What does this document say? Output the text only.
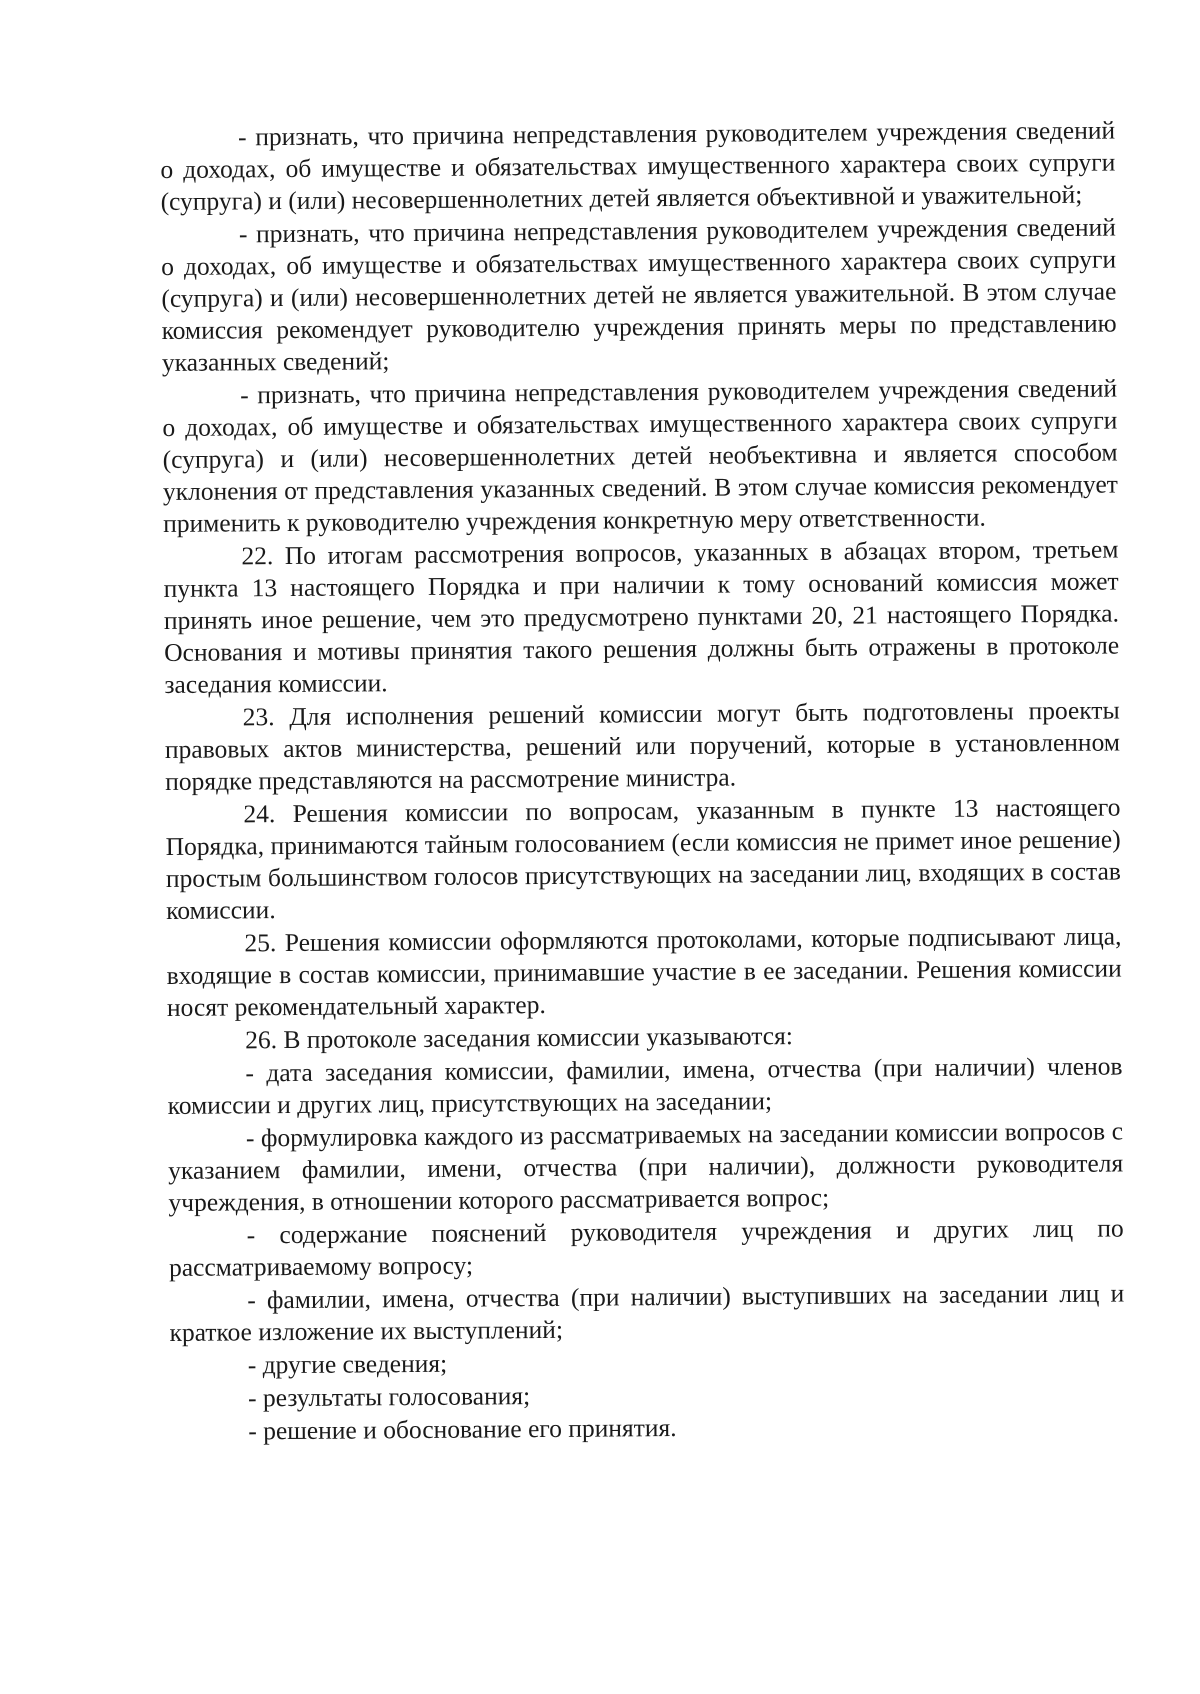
- признать, что причина непредставления руководителем учреждения сведений о доходах, об имуществе и обязательствах имущественного характера своих супруги (супруга) и (или) несовершеннолетних детей является объективной и уважительной;

- признать, что причина непредставления руководителем учреждения сведений о доходах, об имуществе и обязательствах имущественного характера своих супруги (супруга) и (или) несовершеннолетних детей не является уважительной. В этом случае комиссия рекомендует руководителю учреждения принять меры по представлению указанных сведений;

- признать, что причина непредставления руководителем учреждения сведений о доходах, об имуществе и обязательствах имущественного характера своих супруги (супруга) и (или) несовершеннолетних детей необъективна и является способом уклонения от представления указанных сведений. В этом случае комиссия рекомендует применить к руководителю учреждения конкретную меру ответственности.

22. По итогам рассмотрения вопросов, указанных в абзацах втором, третьем пункта 13 настоящего Порядка и при наличии к тому оснований комиссия может принять иное решение, чем это предусмотрено пунктами 20, 21 настоящего Порядка. Основания и мотивы принятия такого решения должны быть отражены в протоколе заседания комиссии.

23. Для исполнения решений комиссии могут быть подготовлены проекты правовых актов министерства, решений или поручений, которые в установленном порядке представляются на рассмотрение министра.

24. Решения комиссии по вопросам, указанным в пункте 13 настоящего Порядка, принимаются тайным голосованием (если комиссия не примет иное решение) простым большинством голосов присутствующих на заседании лиц, входящих в состав комиссии.

25. Решения комиссии оформляются протоколами, которые подписывают лица, входящие в состав комиссии, принимавшие участие в ее заседании. Решения комиссии носят рекомендательный характер.

26. В протоколе заседания комиссии указываются:

- дата заседания комиссии, фамилии, имена, отчества (при наличии) членов комиссии и других лиц, присутствующих на заседании;

- формулировка каждого из рассматриваемых на заседании комиссии вопросов с указанием фамилии, имени, отчества (при наличии), должности руководителя учреждения, в отношении которого рассматривается вопрос;

- содержание пояснений руководителя учреждения и других лиц по рассматриваемому вопросу;

- фамилии, имена, отчества (при наличии) выступивших на заседании лиц и краткое изложение их выступлений;

- другие сведения;

- результаты голосования;

- решение и обоснование его принятия.
